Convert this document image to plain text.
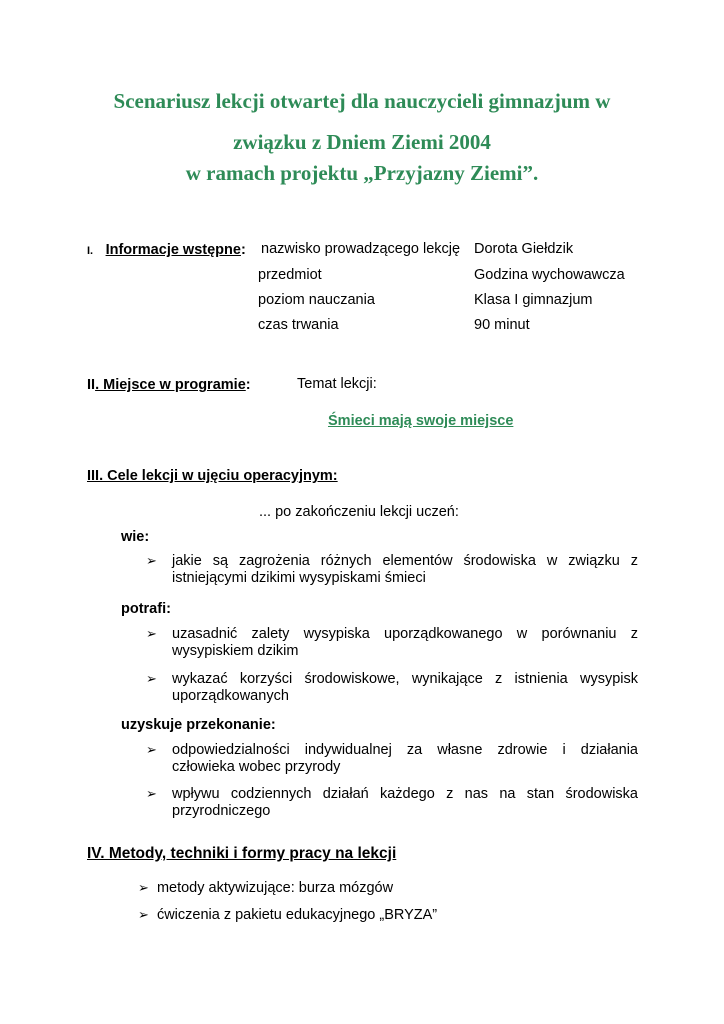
Scenariusz lekcji otwartej dla nauczycieli gimnazjum w
związku z Dniem Ziemi 2004
w ramach projektu „Przyjazny Ziemi”.
I. Informacje wstępne: nazwisko prowadzącego lekcję Dorota Giełdzik
przedmiot	Godzina wychowawcza
poziom nauczania	Klasa I gimnazjum
czas trwania	90 minut
II. Miejsce w programie:	Temat lekcji:
Śmieci mają swoje miejsce
III. Cele lekcji w ujęciu operacyjnym:
... po zakończeniu lekcji uczeń:
wie:
➢ jakie są zagrożenia różnych elementów środowiska w związku z istniejącymi dzikimi wysypiskami śmieci
potrafi:
➢ uzasadnić zalety wysypiska uporządkowanego w porównaniu z wysypiskiem dzikim
➢ wykazać korzyści środowiskowe, wynikające z istnienia wysypisk uporządkowanych
uzyskuje przekonanie:
➢ odpowiedzialności indywidualnej za własne zdrowie i działania człowieka wobec przyrody
➢ wpływu codziennych działań każdego z nas na stan środowiska przyrodniczego
IV. Metody, techniki i formy pracy na lekcji
➢ metody aktywizujące: burza mózgów
➢ ćwiczenia z pakietu edukacyjnego „BRYZA”
